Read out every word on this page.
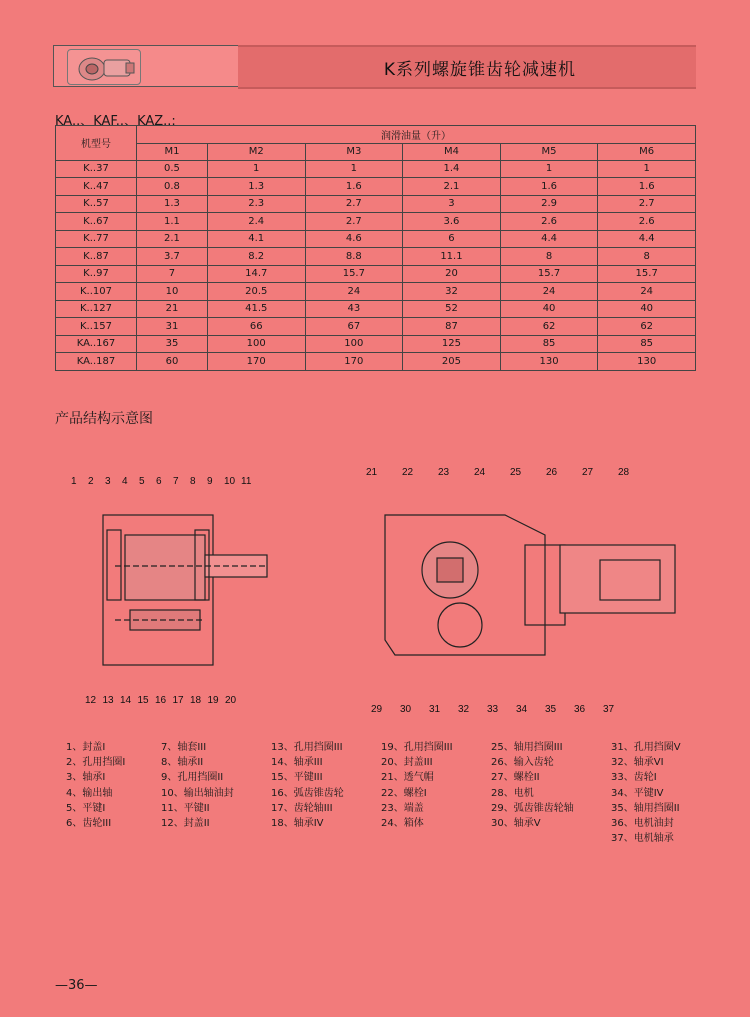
K系列螺旋锥齿轮减速机
KA..、KAF..、KAZ..:
机型号	润滑油量（升）					
	M1	M2	M3	M4	M5	M6
K..37	0.5	1	1	1.4	1	1
K..47	0.8	1.3	1.6	2.1	1.6	1.6
K..57	1.3	2.3	2.7	3	2.9	2.7
K..67	1.1	2.4	2.7	3.6	2.6	2.6
K..77	2.1	4.1	4.6	6	4.4	4.4
K..87	3.7	8.2	8.8	11.1	8	8
K..97	7	14.7	15.7	20	15.7	15.7
K..107	10	20.5	24	32	24	24
K..127	21	41.5	43	52	40	40
K..157	31	66	67	87	62	62
KA..167	35	100	100	125	85	85
KA..187	60	170	170	205	130	130
产品结构示意图
1 2 3 4 5 6 7 8 9 10 11
12 13 14 15 16 17 18 19 20
21 22 23 24 25 26 27 28
29 30 31 32 33 34 35 36 37
1、封盖I
2、孔用挡圈I
3、轴承I
4、输出轴
5、平键I
6、齿轮III
7、轴套III
8、轴承II
9、孔用挡圈II
10、输出轴油封
11、平键II
12、封盖II
13、孔用挡圈III
14、轴承III
15、平键III
16、弧齿锥齿轮
17、齿轮轴III
18、轴承IV
19、孔用挡圈III
20、封盖III
21、透气帽
22、螺栓I
23、端盖
24、箱体
25、轴用挡圈III
26、输入齿轮
27、螺栓II
28、电机
29、弧齿锥齿轮轴
30、轴承V
31、孔用挡圈V
32、轴承VI
33、齿轮I
34、平键IV
35、轴用挡圈II
36、电机油封
37、电机轴承
—36—
